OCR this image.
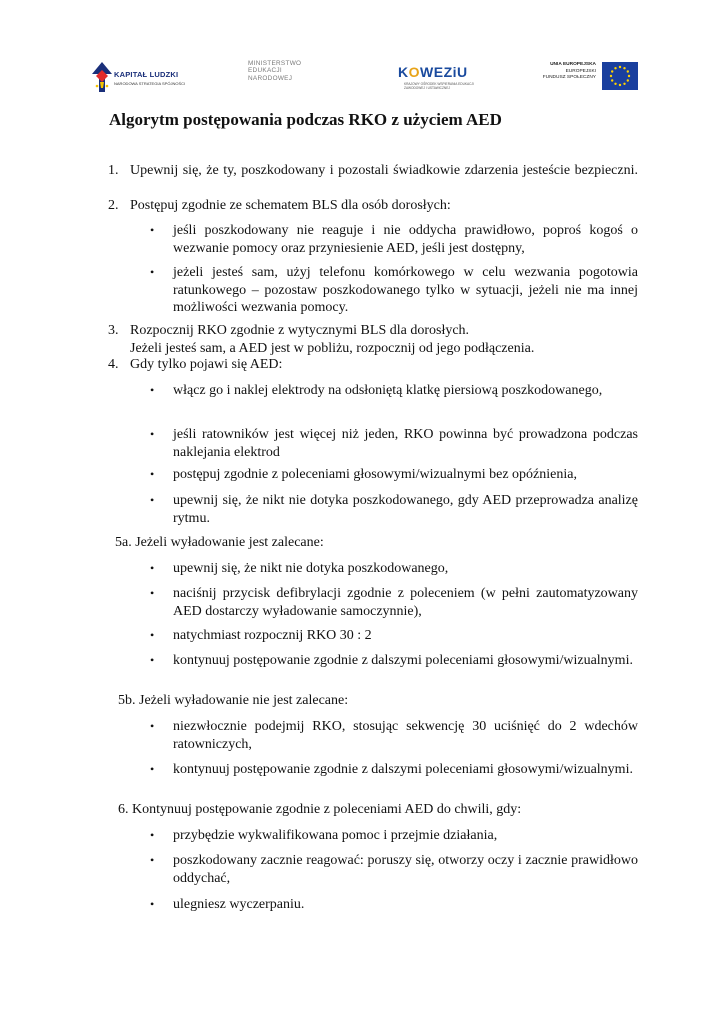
KAPITAŁ LUDZKI
NARODOWA STRATEGIA SPÓJNOŚCI
MINISTERSTWO
EDUKACJI
NARODOWEJ	KOWEZiU
KRAJOWY OŚRODEK WSPIERANIA EDUKACJI ZAWODOWEJ I USTAWICZNEJ
UNIA EUROPEJSKA
EUROPEJSKI
FUNDUSZ SPOŁECZNY
Algorytm postępowania podczas RKO z użyciem AED
1. Upewnij się, że ty, poszkodowany i pozostali świadkowie zdarzenia jesteście bezpieczni.
2. Postępuj zgodnie ze schematem BLS dla osób dorosłych:
• jeśli poszkodowany nie reaguje i nie oddycha prawidłowo, poproś kogoś o wezwanie pomocy oraz przyniesienie AED, jeśli jest dostępny,
• jeżeli jesteś sam, użyj telefonu komórkowego w celu wezwania pogotowia ratunkowego – pozostaw poszkodowanego tylko w sytuacji, jeżeli nie ma innej możliwości wezwania pomocy.
3. Rozpocznij RKO zgodnie z wytycznymi BLS dla dorosłych.
Jeżeli jesteś sam, a AED jest w pobliżu, rozpocznij od jego podłączenia.
4. Gdy tylko pojawi się AED:
• włącz go i naklej elektrody na odsłoniętą klatkę piersiową poszkodowanego,
• jeśli ratowników jest więcej niż jeden, RKO powinna być prowadzona podczas naklejania elektrod
• postępuj zgodnie z poleceniami głosowymi/wizualnymi bez opóźnienia,
• upewnij się, że nikt nie dotyka poszkodowanego, gdy AED przeprowadza analizę rytmu.
5a. Jeżeli wyładowanie jest zalecane:
• upewnij się, że nikt nie dotyka poszkodowanego,
• naciśnij przycisk defibrylacji zgodnie z poleceniem (w pełni zautomatyzowany AED dostarczy wyładowanie samoczynnie),
• natychmiast rozpocznij RKO 30 : 2
• kontynuuj postępowanie zgodnie z dalszymi poleceniami głosowymi/wizualnymi.
5b. Jeżeli wyładowanie nie jest zalecane:
• niezwłocznie podejmij RKO, stosując sekwencję 30 uciśnięć do 2 wdechów ratowniczych,
• kontynuuj postępowanie zgodnie z dalszymi poleceniami głosowymi/wizualnymi.
6. Kontynuuj postępowanie zgodnie z poleceniami AED do chwili, gdy:
• przybędzie wykwalifikowana pomoc i przejmie działania,
• poszkodowany zacznie reagować: poruszy się, otworzy oczy i zacznie prawidłowo oddychać,
• ulegniesz wyczerpaniu.
